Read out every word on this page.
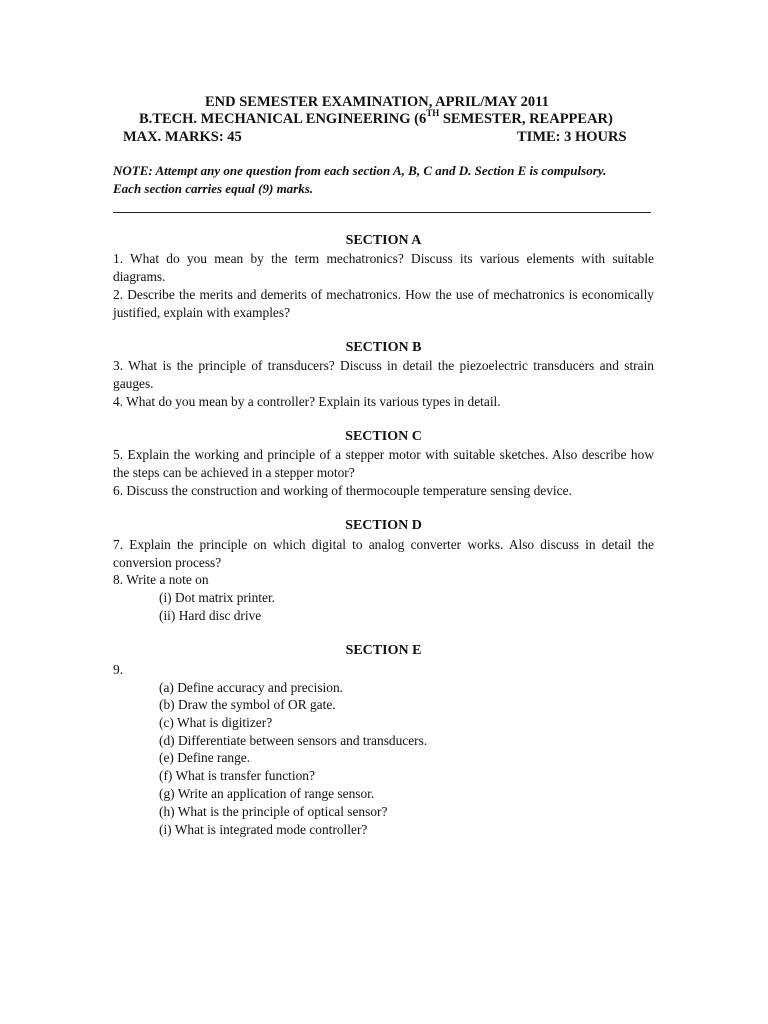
END SEMESTER EXAMINATION, APRIL/MAY 2011
B.TECH. MECHANICAL ENGINEERING (6TH SEMESTER, REAPPEAR)
MAX. MARKS: 45	TIME: 3 HOURS
NOTE: Attempt any one question from each section A, B, C and D. Section E is compulsory.
Each section carries equal (9) marks.
SECTION A
1. What do you mean by the term mechatronics? Discuss its various elements with suitable diagrams.
2. Describe the merits and demerits of mechatronics. How the use of mechatronics is economically justified, explain with examples?
SECTION B
3. What is the principle of transducers? Discuss in detail the piezoelectric transducers and strain gauges.
4. What do you mean by a controller? Explain its various types in detail.
SECTION C
5. Explain the working and principle of a stepper motor with suitable sketches. Also describe how the steps can be achieved in a stepper motor?
6. Discuss the construction and working of thermocouple temperature sensing device.
SECTION D
7. Explain the principle on which digital to analog converter works. Also discuss in detail the conversion process?
8. Write a note on
(i) Dot matrix printer.
(ii) Hard disc drive
SECTION E
9.
(a) Define accuracy and precision.
(b) Draw the symbol of OR gate.
(c) What is digitizer?
(d) Differentiate between sensors and transducers.
(e) Define range.
(f) What is transfer function?
(g) Write an application of range sensor.
(h) What is the principle of optical sensor?
(i) What is integrated mode controller?
